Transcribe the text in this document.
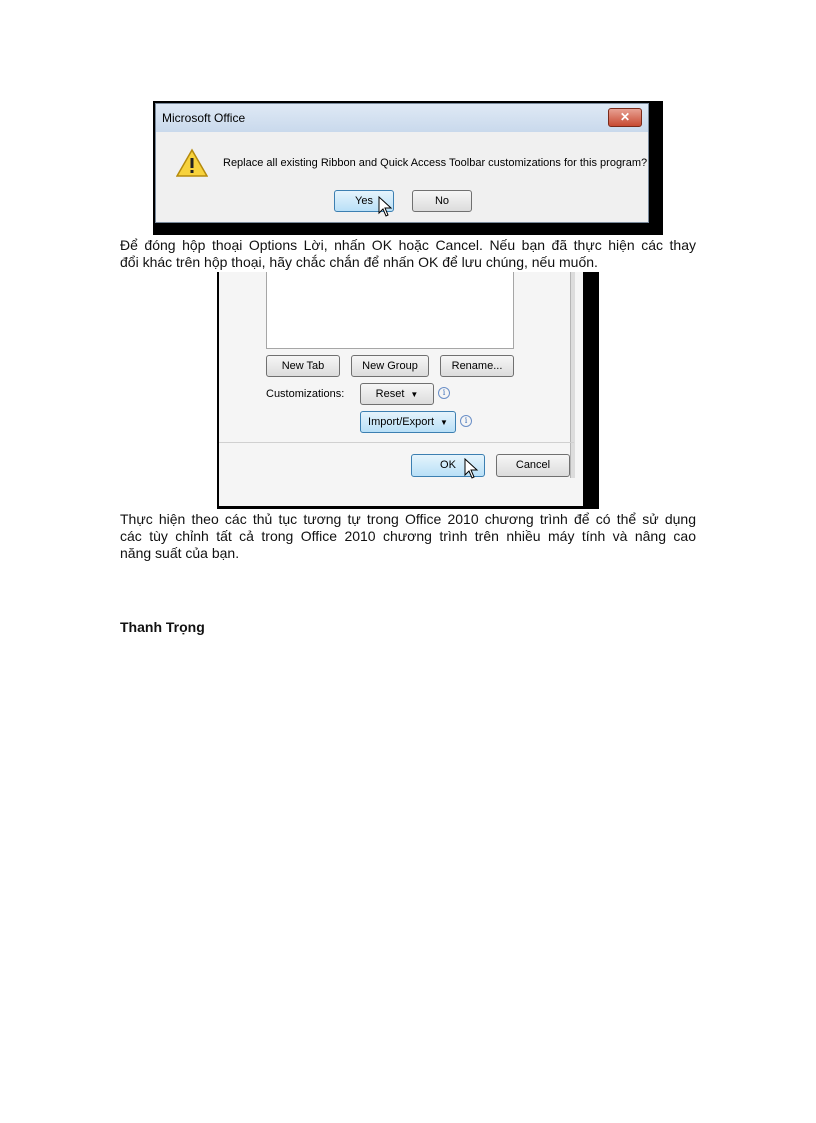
Microsoft Office	✕
Replace all existing Ribbon and Quick Access Toolbar customizations for this program?
Yes	No

Để đóng hộp thoại Options Lời, nhấn OK hoặc Cancel. Nếu bạn đã thực hiện các thay

đổi khác trên hộp thoại, hãy chắc chắn để nhấn OK để lưu chúng, nếu muốn.

New Tab	New Group	Rename...
Customizations:	Reset ▼	i
Import/Export ▼	i
OK	Cancel

Thực hiện theo các thủ tục tương tự trong Office 2010 chương trình để có thể sử dụng

các tùy chỉnh tất cả trong Office 2010 chương trình trên nhiều máy tính và nâng cao

năng suất của bạn.

Thanh Trọng
